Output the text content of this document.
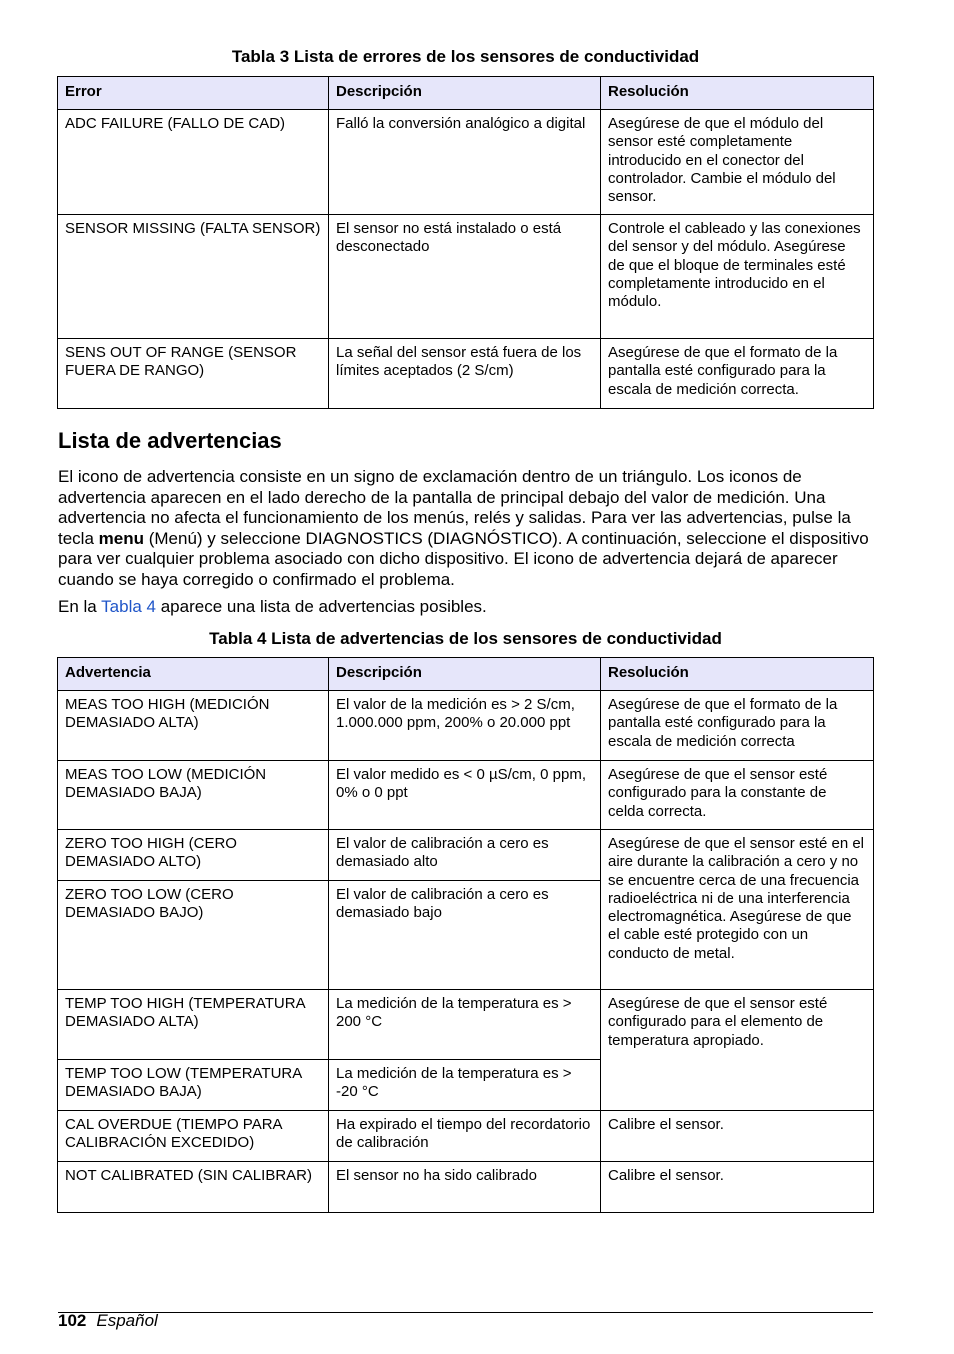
Tabla 3 Lista de errores de los sensores de conductividad
Error	Descripción	Resolución
ADC FAILURE (FALLO DE CAD)	Falló la conversión analógico a digital	Asegúrese de que el módulo del sensor esté completamente introducido en el conector del controlador. Cambie el módulo del sensor.
SENSOR MISSING (FALTA SENSOR)	El sensor no está instalado o está desconectado	Controle el cableado y las conexiones del sensor y del módulo. Asegúrese de que el bloque de terminales esté completamente introducido en el módulo.
SENS OUT OF RANGE (SENSOR FUERA DE RANGO)	La señal del sensor está fuera de los límites aceptados (2 S/cm)	Asegúrese de que el formato de la pantalla esté configurado para la escala de medición correcta.
Lista de advertencias

El icono de advertencia consiste en un signo de exclamación dentro de un triángulo. Los iconos de advertencia aparecen en el lado derecho de la pantalla de principal debajo del valor de medición. Una advertencia no afecta el funcionamiento de los menús, relés y salidas. Para ver las advertencias, pulse la tecla menu (Menú) y seleccione DIAGNOSTICS (DIAGNÓSTICO). A continuación, seleccione el dispositivo para ver cualquier problema asociado con dicho dispositivo. El icono de advertencia dejará de aparecer cuando se haya corregido o confirmado el problema.

En la Tabla 4 aparece una lista de advertencias posibles.

Tabla 4 Lista de advertencias de los sensores de conductividad
Advertencia	Descripción	Resolución
MEAS TOO HIGH (MEDICIÓN DEMASIADO ALTA)	El valor de la medición es > 2 S/cm, 1.000.000 ppm, 200% o 20.000 ppt	Asegúrese de que el formato de la pantalla esté configurado para la escala de medición correcta
MEAS TOO LOW (MEDICIÓN DEMASIADO BAJA)	El valor medido es < 0 µS/cm, 0 ppm, 0% o 0 ppt	Asegúrese de que el sensor esté configurado para la constante de celda correcta.
ZERO TOO HIGH (CERO DEMASIADO ALTO)	El valor de calibración a cero es demasiado alto	Asegúrese de que el sensor esté en el aire durante la calibración a cero y no se encuentre cerca de una frecuencia radioeléctrica ni de una interferencia electromagnética. Asegúrese de que el cable esté protegido con un conducto de metal.
ZERO TOO LOW (CERO DEMASIADO BAJO)	El valor de calibración a cero es demasiado bajo	
TEMP TOO HIGH (TEMPERATURA DEMASIADO ALTA)	La medición de la temperatura es > 200 °C	Asegúrese de que el sensor esté configurado para el elemento de temperatura apropiado.
TEMP TOO LOW (TEMPERATURA DEMASIADO BAJA)	La medición de la temperatura es > -20 °C	
CAL OVERDUE (TIEMPO PARA CALIBRACIÓN EXCEDIDO)	Ha expirado el tiempo del recordatorio de calibración	Calibre el sensor.
NOT CALIBRATED (SIN CALIBRAR)	El sensor no ha sido calibrado	Calibre el sensor.
102 Español
